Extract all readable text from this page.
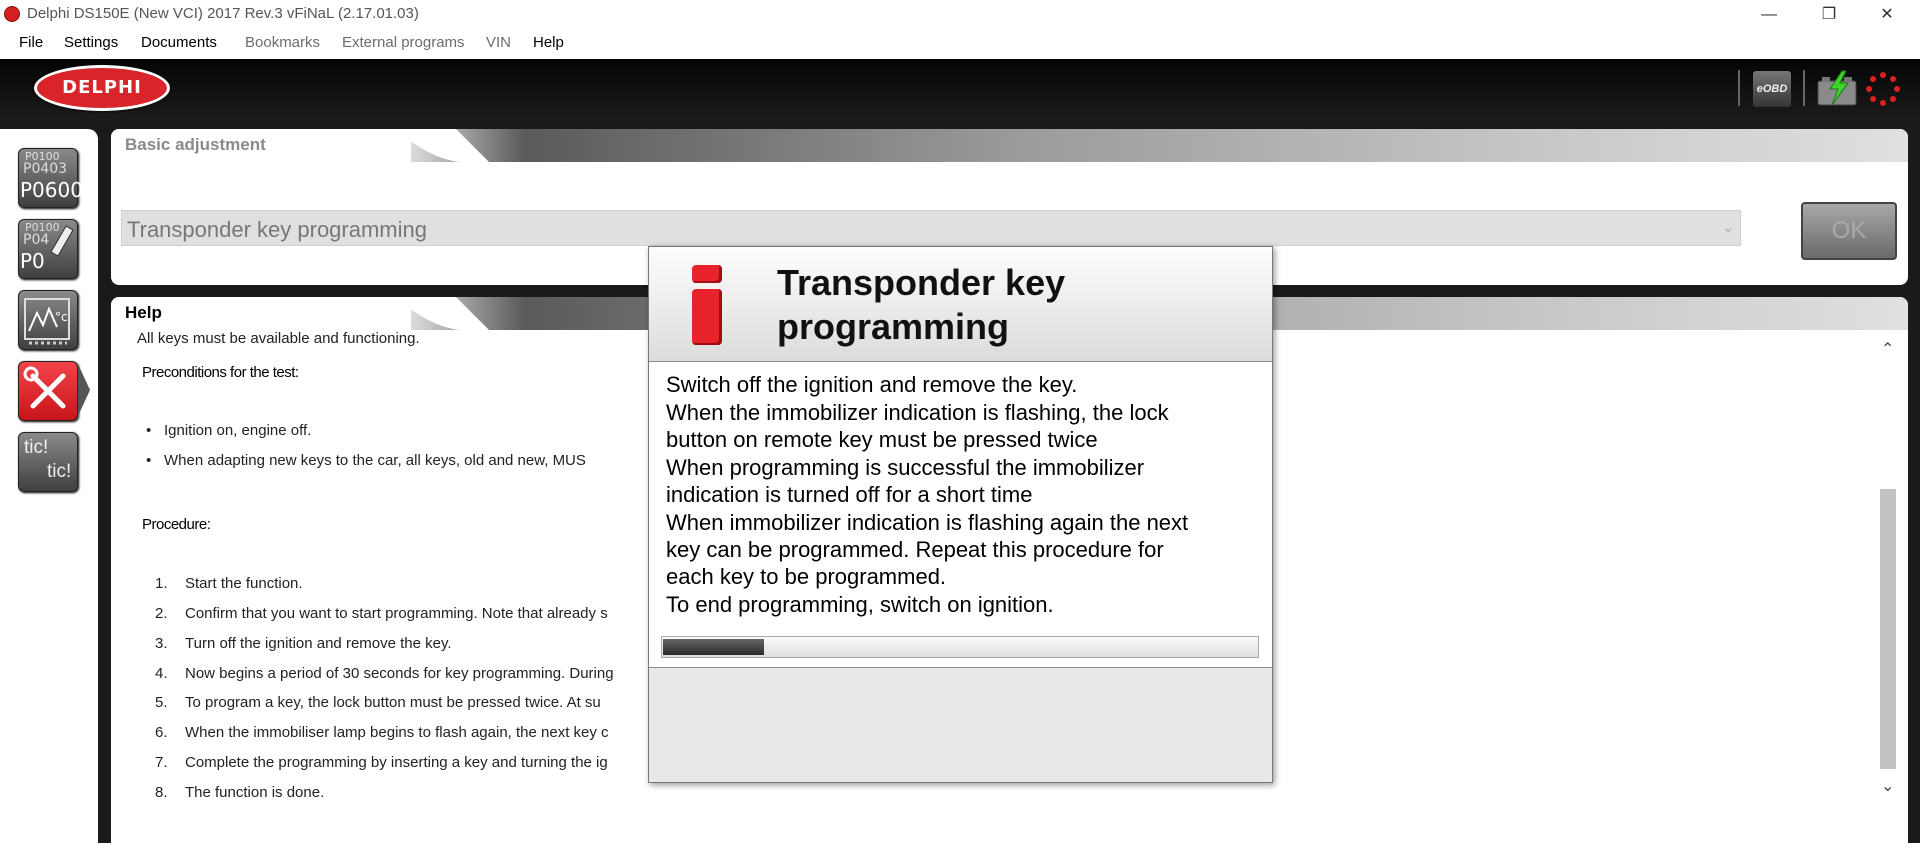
Delphi DS150E (New VCI) 2017 Rev.3 vFiNaL (2.17.01.03)	—	❐	✕
File Settings Documents Bookmarks External programs VIN Help
DELPHI	eOBD
P0100
P0403
P0600
P0100
P04
P0
°c
tic!
tic!
Basic adjustment
Transponder key programming	⌄	OK
Help
All keys must be available and functioning.
Preconditions for the test:
• Ignition on, engine off.
• When adapting new keys to the car, all keys, old and new, MUS
Procedure:
1. Start the function.
2. Confirm that you want to start programming. Note that already s
3. Turn off the ignition and remove the key.
4. Now begins a period of 30 seconds for key programming. During
5. To program a key, the lock button must be pressed twice. At su
6. When the immobiliser lamp begins to flash again, the next key c
7. Complete the programming by inserting a key and turning the ig
8. The function is done.
⌃
⌄
Transponder key programming
Switch off the ignition and remove the key.
When the immobilizer indication is flashing, the lock
button on remote key must be pressed twice
When programming is successful the immobilizer
indication is turned off for a short time
When immobilizer indication is flashing again the next
key can be programmed. Repeat this procedure for
each key to be programmed.
To end programming, switch on ignition.
